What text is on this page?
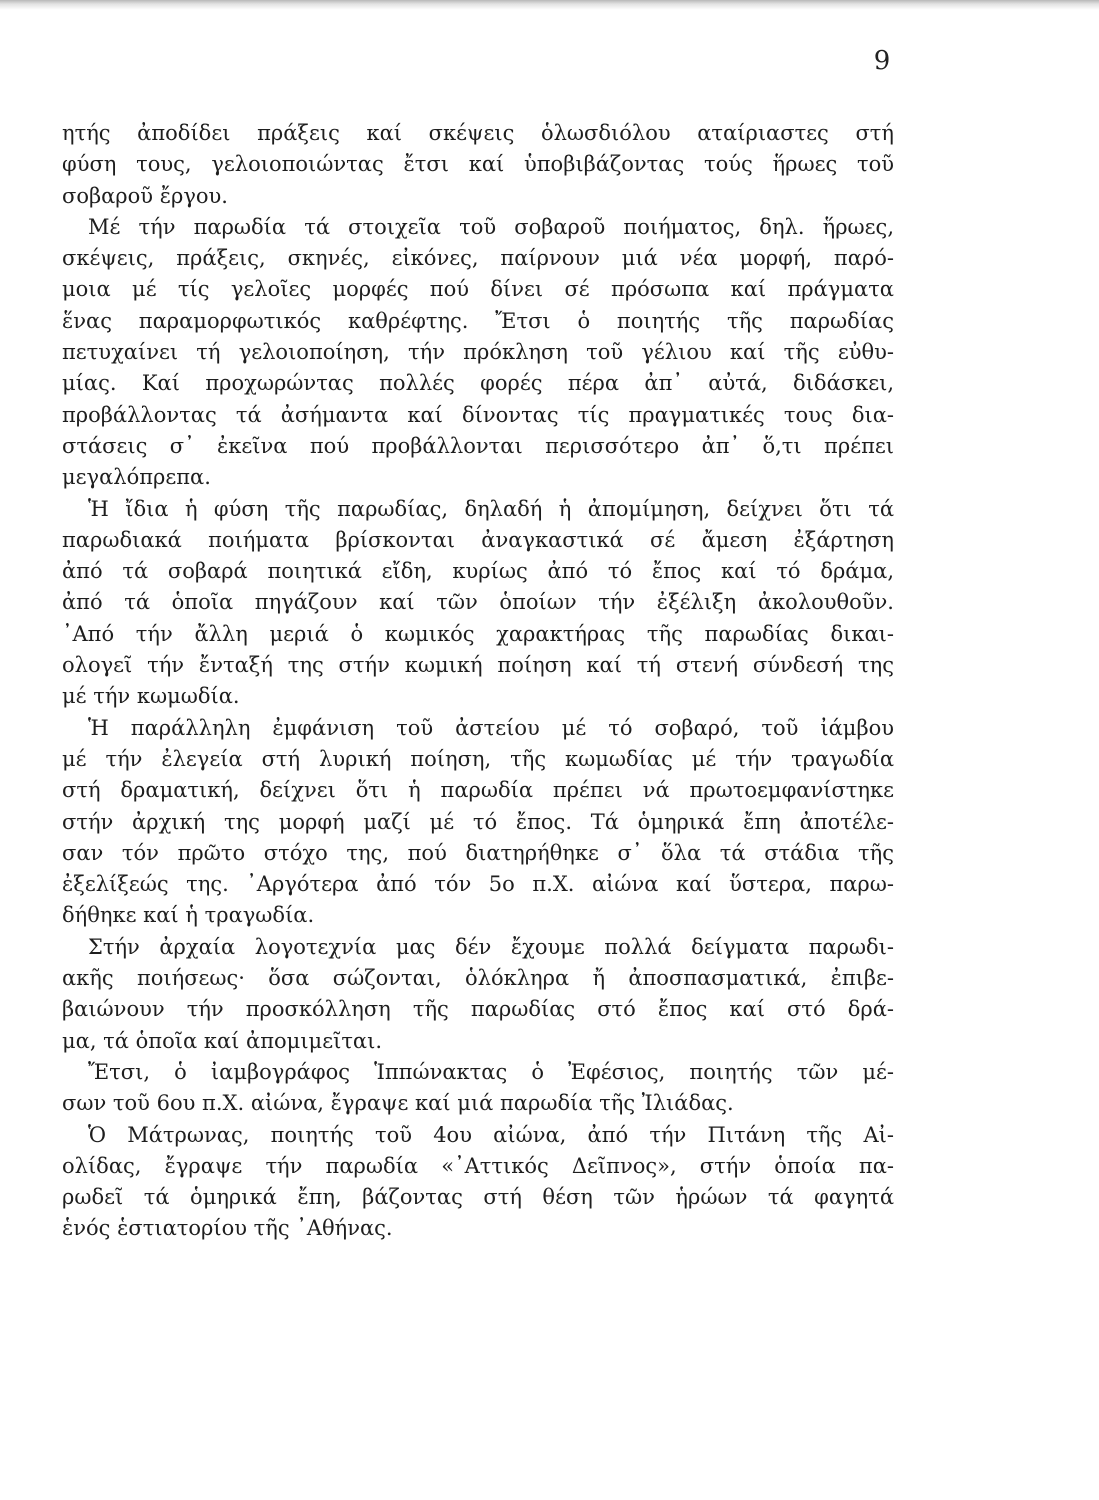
9

ητής ἀποδίδει πράξεις καί σκέψεις ὁλωσδιόλου αταίριαστες στή
φύση τους, γελοιοποιώντας ἔτσι καί ὑποβιβάζοντας τούς ἥρωες τοῦ
σοβαροῦ ἔργου.

Μέ τήν παρωδία τά στοιχεῖα τοῦ σοβαροῦ ποιήματος, δηλ. ἥρωες,
σκέψεις, πράξεις, σκηνές, εἰκόνες, παίρνουν μιά νέα μορφή, παρό-
μοια μέ τίς γελοῖες μορφές πού δίνει σέ πρόσωπα καί πράγματα
ἕνας παραμορφωτικός καθρέφτης. Ἔτσι ὁ ποιητής τῆς παρωδίας
πετυχαίνει τή γελοιοποίηση, τήν πρόκληση τοῦ γέλιου καί τῆς εὐθυ-
μίας. Καί προχωρώντας πολλές φορές πέρα ἀπ᾿ αὐτά, διδάσκει,
προβάλλοντας τά ἀσήμαντα καί δίνοντας τίς πραγματικές τους δια-
στάσεις σ᾿ ἐκεῖνα πού προβάλλονται περισσότερο ἀπ᾿ ὅ,τι πρέπει
μεγαλόπρεπα.

Ἡ ἴδια ἡ φύση τῆς παρωδίας, δηλαδή ἡ ἀπομίμηση, δείχνει ὅτι τά
παρωδιακά ποιήματα βρίσκονται ἀναγκαστικά σέ ἄμεση ἐξάρτηση
ἀπό τά σοβαρά ποιητικά εἴδη, κυρίως ἀπό τό ἔπος καί τό δράμα,
ἀπό τά ὁποῖα πηγάζουν καί τῶν ὁποίων τήν ἐξέλιξη ἀκολουθοῦν.
᾿Από τήν ἄλλη μεριά ὁ κωμικός χαρακτήρας τῆς παρωδίας δικαι-
ολογεῖ τήν ἔνταξή της στήν κωμική ποίηση καί τή στενή σύνδεσή της
μέ τήν κωμωδία.

Ἡ παράλληλη ἐμφάνιση τοῦ ἀστείου μέ τό σοβαρό, τοῦ ἰάμβου
μέ τήν ἐλεγεία στή λυρική ποίηση, τῆς κωμωδίας μέ τήν τραγωδία
στή δραματική, δείχνει ὅτι ἡ παρωδία πρέπει νά πρωτοεμφανίστηκε
στήν ἀρχική της μορφή μαζί μέ τό ἔπος. Τά ὁμηρικά ἔπη ἀποτέλε-
σαν τόν πρῶτο στόχο της, πού διατηρήθηκε σ᾿ ὅλα τά στάδια τῆς
ἐξελίξεώς της. ᾿Αργότερα ἀπό τόν 5ο π.Χ. αἰώνα καί ὕστερα, παρω-
δήθηκε καί ἡ τραγωδία.

Στήν ἀρχαία λογοτεχνία μας δέν ἔχουμε πολλά δείγματα παρωδι-
ακῆς ποιήσεως· ὅσα σώζονται, ὁλόκληρα ἤ ἀποσπασματικά, ἐπιβε-
βαιώνουν τήν προσκόλληση τῆς παρωδίας στό ἔπος καί στό δρά-
μα, τά ὁποῖα καί ἀπομιμεῖται.

Ἔτσι, ὁ ἰαμβογράφος Ἱππώνακτας ὁ Ἐφέσιος, ποιητής τῶν μέ-
σων τοῦ 6ου π.Χ. αἰώνα, ἔγραψε καί μιά παρωδία τῆς Ἰλιάδας.

Ὁ Μάτρωνας, ποιητής τοῦ 4ου αἰώνα, ἀπό τήν Πιτάνη τῆς Αἰ-
ολίδας, ἔγραψε τήν παρωδία «᾿Αττικός Δεῖπνος», στήν ὁποία πα-
ρωδεῖ τά ὁμηρικά ἔπη, βάζοντας στή θέση τῶν ἡρώων τά φαγητά
ἑνός ἑστιατορίου τῆς ᾿Αθήνας.
